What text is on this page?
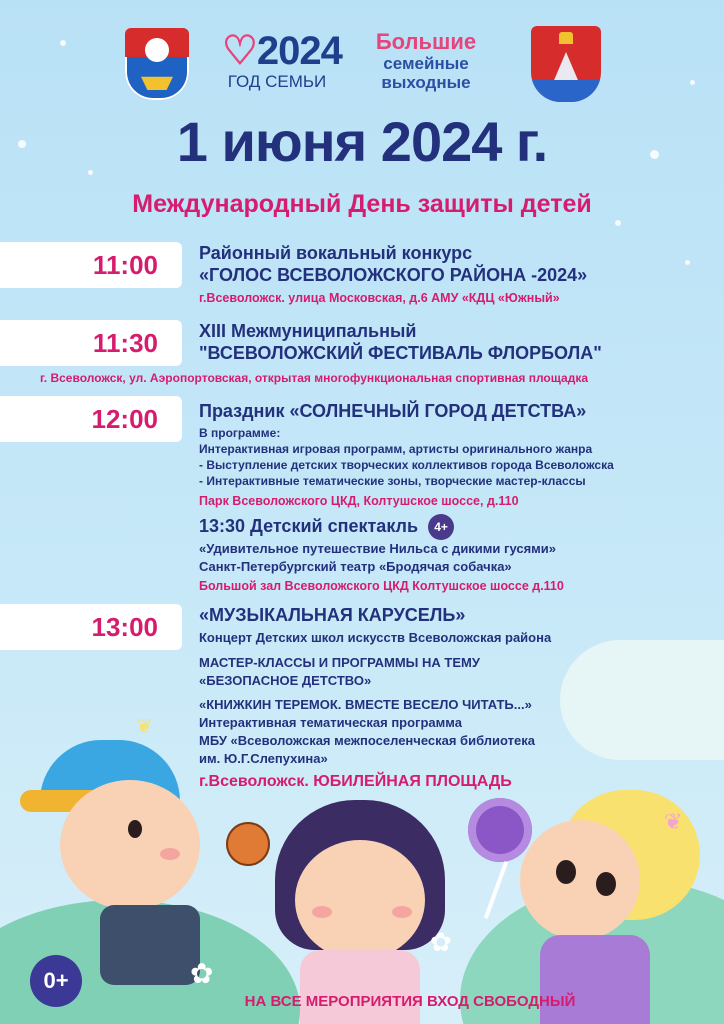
♡2024
ГОД СЕМЬИ
Большие
семейные
выходные
1 июня 2024 г.
Международный День защиты детей
11:00	Районный вокальный конкурс
«ГОЛОС ВСЕВОЛОЖСКОГО РАЙОНА -2024»
г.Всеволожск. улица Московская, д.6 АМУ «КДЦ «Южный»
11:30	XIII Межмуниципальный
"ВСЕВОЛОЖСКИЙ ФЕСТИВАЛЬ ФЛОРБОЛА"
г. Всеволожск, ул. Аэропортовская, открытая многофункциональная спортивная площадка
12:00	Праздник «СОЛНЕЧНЫЙ ГОРОД ДЕТСТВА»
В программе:
Интерактивная игровая программ, артисты оригинального жанра
- Выступление детских творческих коллективов города Всеволожска
- Интерактивные тематические зоны, творческие мастер-классы
Парк Всеволожского ЦКД, Колтушское шоссе, д.110
13:30 Детский спектакль 4+
«Удивительное путешествие Нильса с дикими гусями»
Санкт-Петербургский театр «Бродячая собачка»
Большой зал Всеволожского ЦКД Колтушское шоссе д.110
13:00	«МУЗЫКАЛЬНАЯ КАРУСЕЛЬ»
Концерт Детских школ искусств Всеволожская района
МАСТЕР-КЛАССЫ И ПРОГРАММЫ НА ТЕМУ
«БЕЗОПАСНОЕ ДЕТСТВО»
«КНИЖКИН ТЕРЕМОК. ВМЕСТЕ ВЕСЕЛО ЧИТАТЬ...»
Интерактивная тематическая программа
МБУ «Всеволожская межпоселенческая библиотека
им. Ю.Г.Слепухина»
г.Всеволожск. ЮБИЛЕЙНАЯ ПЛОЩАДЬ
❦
❦
✿
✿
0+
НА ВСЕ МЕРОПРИЯТИЯ ВХОД СВОБОДНЫЙ
